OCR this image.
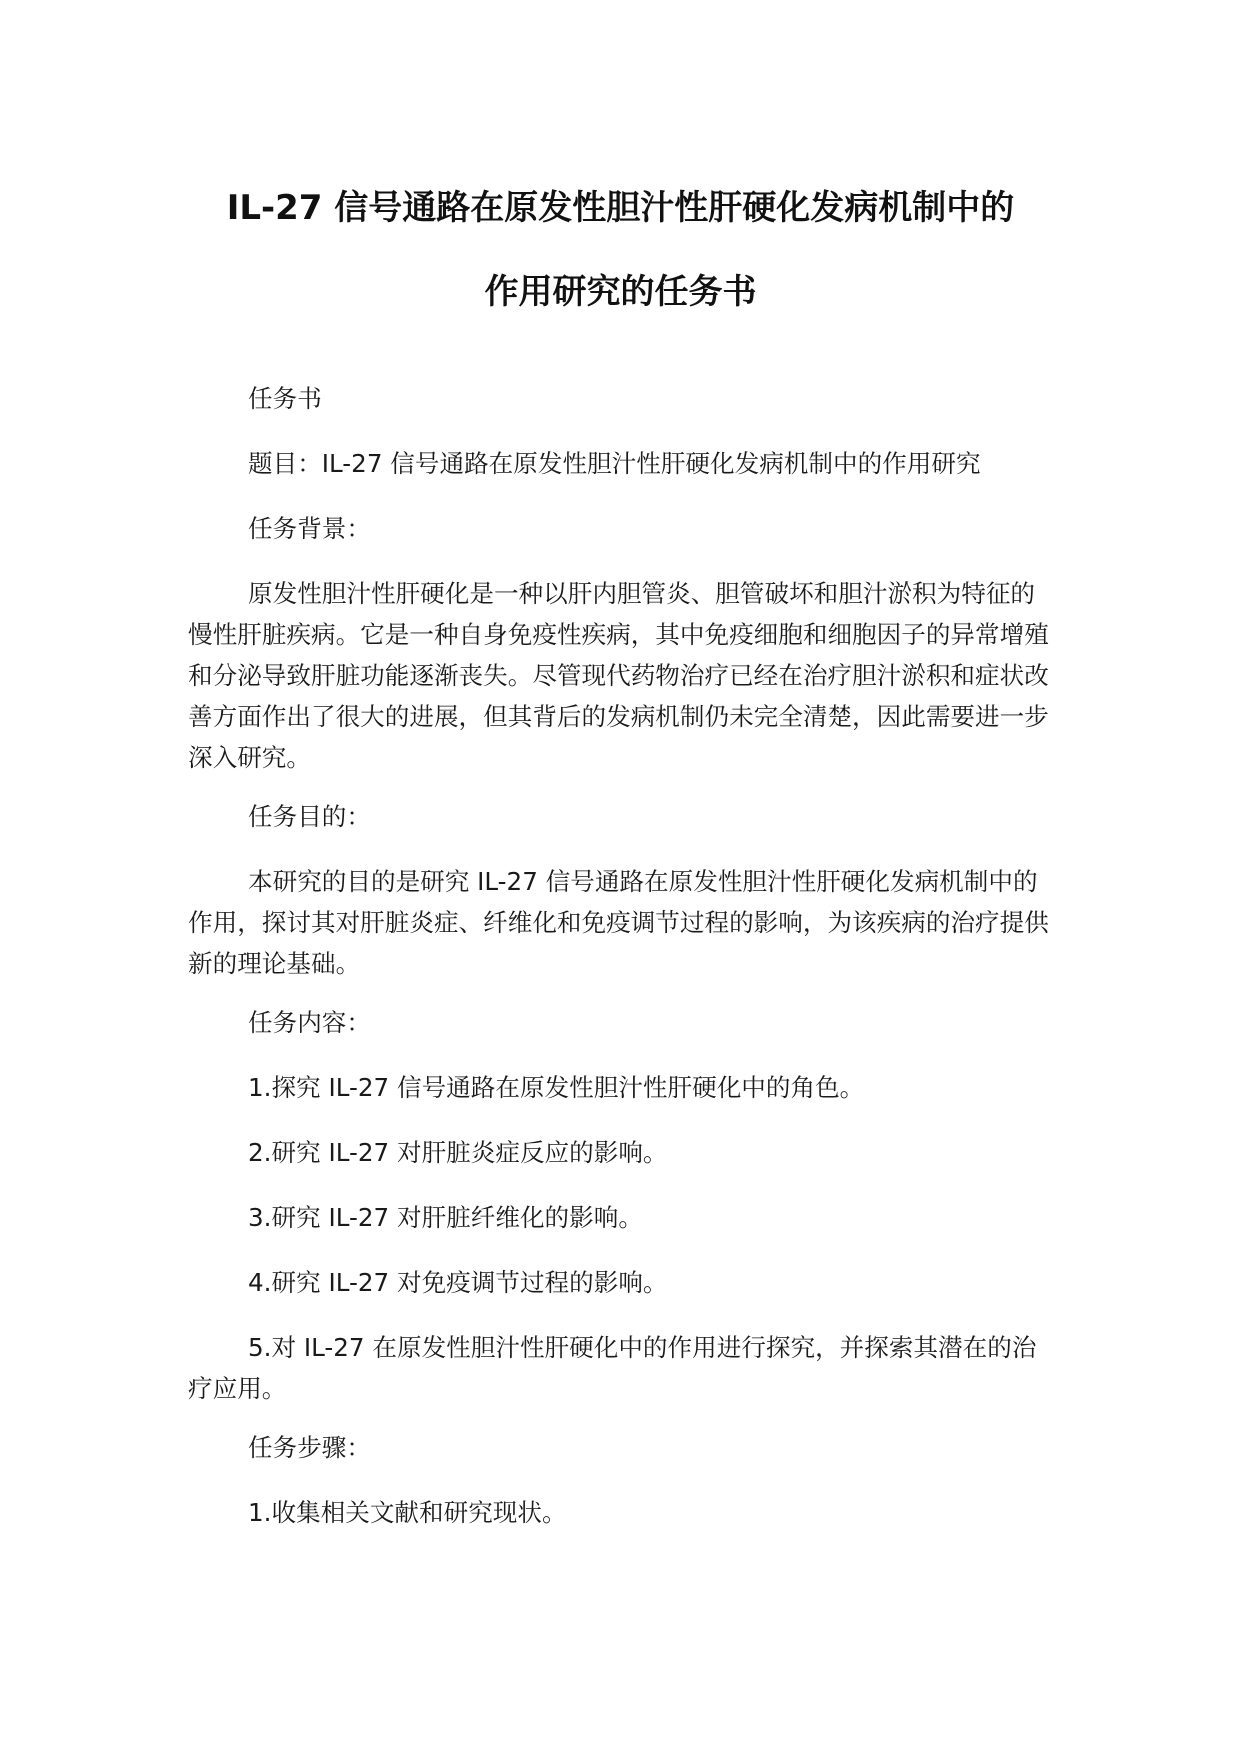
IL-27 信号通路在原发性胆汁性肝硬化发病机制中的
作用研究的任务书

任务书

题目：IL-27 信号通路在原发性胆汁性肝硬化发病机制中的作用研究

任务背景：

原发性胆汁性肝硬化是一种以肝内胆管炎、胆管破坏和胆汁淤积为特征的慢性肝脏疾病。它是一种自身免疫性疾病，其中免疫细胞和细胞因子的异常增殖和分泌导致肝脏功能逐渐丧失。尽管现代药物治疗已经在治疗胆汁淤积和症状改善方面作出了很大的进展，但其背后的发病机制仍未完全清楚，因此需要进一步深入研究。

任务目的：

本研究的目的是研究 IL-27 信号通路在原发性胆汁性肝硬化发病机制中的作用，探讨其对肝脏炎症、纤维化和免疫调节过程的影响，为该疾病的治疗提供新的理论基础。

任务内容：

1.探究 IL-27 信号通路在原发性胆汁性肝硬化中的角色。

2.研究 IL-27 对肝脏炎症反应的影响。

3.研究 IL-27 对肝脏纤维化的影响。

4.研究 IL-27 对免疫调节过程的影响。

5.对 IL-27 在原发性胆汁性肝硬化中的作用进行探究，并探索其潜在的治疗应用。

任务步骤：

1.收集相关文献和研究现状。
